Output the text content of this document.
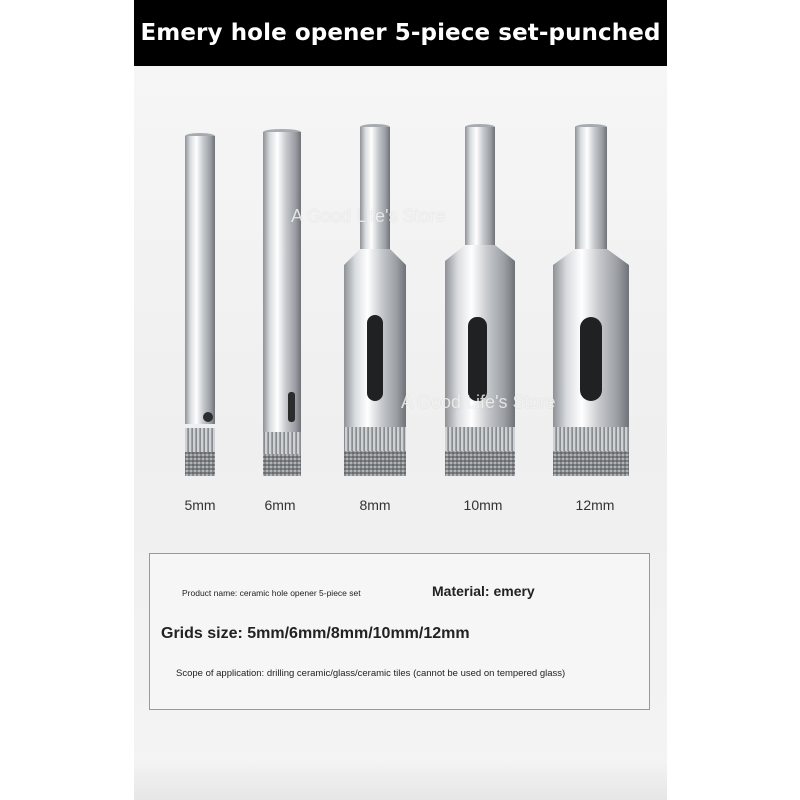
Emery hole opener 5-piece set-punched
A Good Life's Store
A Good Life's Store
5mm	6mm	8mm	10mm	12mm
Product name: ceramic hole opener 5-piece set	Material: emery
Grids size: 5mm/6mm/8mm/10mm/12mm
Scope of application: drilling ceramic/glass/ceramic tiles (cannot be used on tempered glass)
